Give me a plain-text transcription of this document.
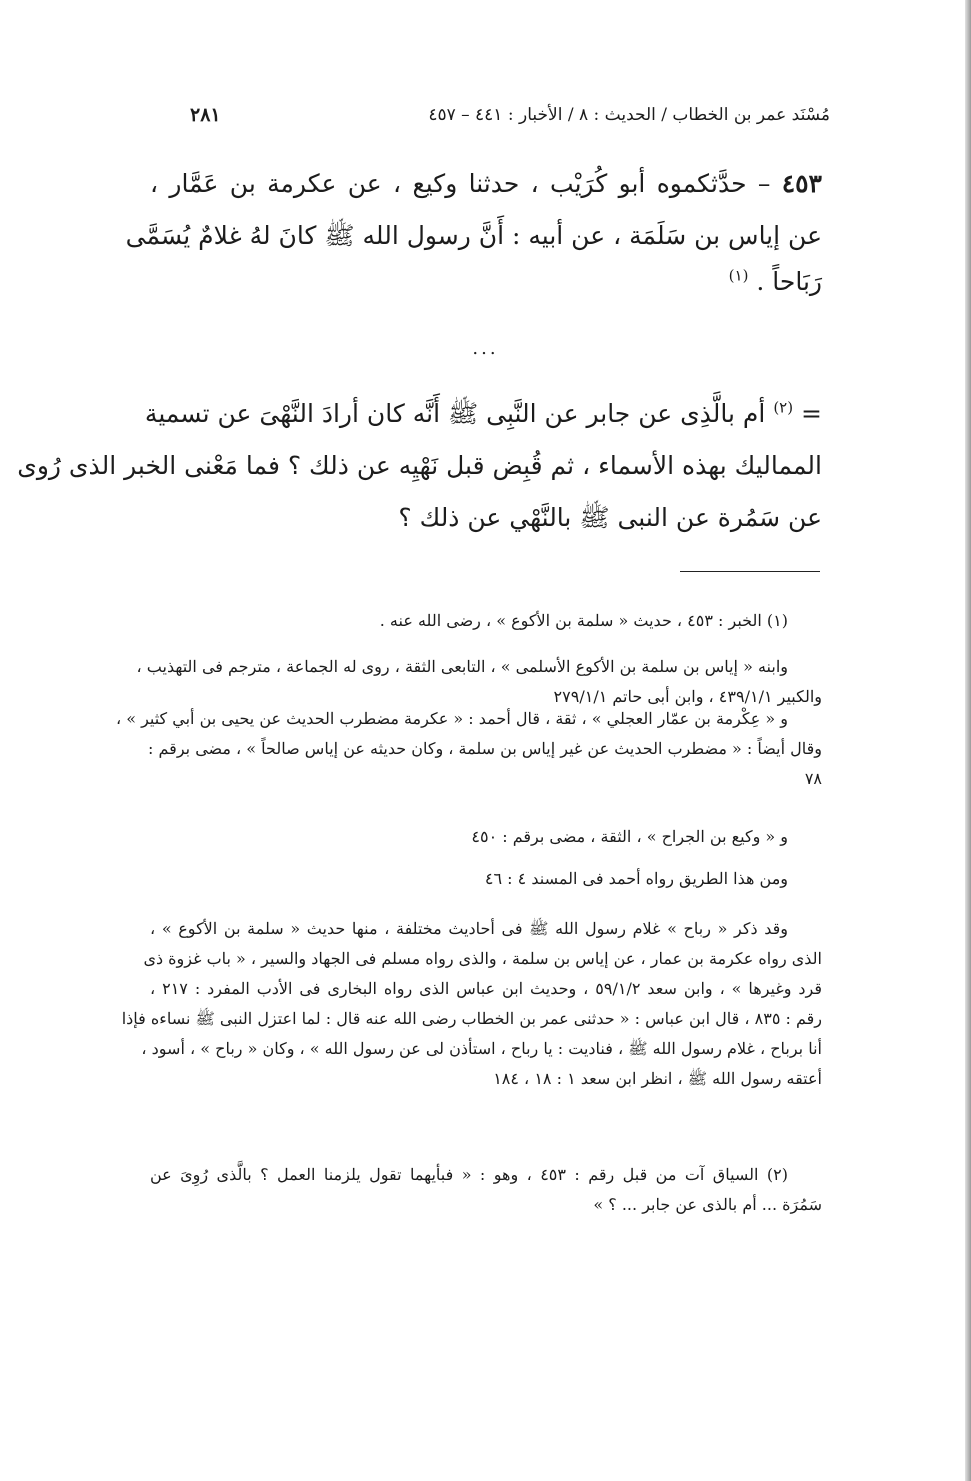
مُسْنَد عمر بن الخطاب / الحديث : ٨ / الأخبار : ٤٤١ – ٤٥٧
٢٨١
٤٥٣ – حدَّثكموه أبو كُرَيْب ، حدثنا وكيع ، عن عكرمة بن عَمَّار ،
عن إياس بن سَلَمَة ، عن أبيه : أَنَّ رسول الله ﷺ كانَ لهُ غلامٌ يُسَمَّى
رَبَاحاً . $^{(١)}$
...
= $^{(٢)}$ أم بالَّذِى عن جابر عن النَّبِى ﷺ أَنَّه كان أرادَ النَّهْىَ عن تسمية
المماليك بهذه الأسماء ، ثم قُبِض قبل نَهْيِه عن ذلك ؟ فما مَعْنى الخبر الذى رُوى
عن سَمُرة عن النبى ﷺ بالنَّهْي عن ذلك ؟
(١) الخبر : ٤٥٣ ، حديث « سلمة بن الأكوع » ، رضى الله عنه .
وابنه « إياس بن سلمة بن الأكوع الأسلمى » ، التابعى الثقة ، روى له الجماعة ، مترجم فى التهذيب ،
والكبير ٤٣٩/١/١ ، وابن أبى حاتم ٢٧٩/١/١
و « عِكْرمة بن عمّار العجلي » ، ثقة ، قال أحمد : « عكرمة مضطرب الحديث عن يحيى بن أبي كثير » ،
وقال أيضاً : « مضطرب الحديث عن غير إياس بن سلمة ، وكان حديثه عن إياس صالحاً » ، مضى برقم :
٧٨
و « وكيع بن الجراح » ، الثقة ، مضى برقم : ٤٥٠
ومن هذا الطريق رواه أحمد فى المسند ٤ : ٤٦
وقد ذكر « رباح » غلام رسول الله ﷺ فى أحاديث مختلفة ، منها حديث « سلمة بن الأكوع » ،
الذى رواه عكرمة بن عمار ، عن إياس بن سلمة ، والذى رواه مسلم فى الجهاد والسير ، « باب غزوة ذى
قرد وغيرها » ، وابن سعد ٥٩/١/٢ ، وحديث ابن عباس الذى رواه البخارى فى الأدب المفرد : ٢١٧ ،
رقم : ٨٣٥ ، قال ابن عباس : « حدثنى عمر بن الخطاب رضى الله عنه قال : لما اعتزل النبى ﷺ نساءه فإذا
أنا برباح ، غلام رسول الله ﷺ ، فناديت : يا رباح ، استأذن لى عن رسول الله » ، وكان « رباح » ، أسود ،
أعتقه رسول الله ﷺ ، انظر ابن سعد ١ : ١٨ ، ١٨٤
(٢) السياق آت من قبل رقم : ٤٥٣ ، وهو : « فبأيهما تقول يلزمنا العمل ؟ بالَّذى رُوِىَ عن
سَمُرَة ... أم بالذى عن جابر ... ؟ »
